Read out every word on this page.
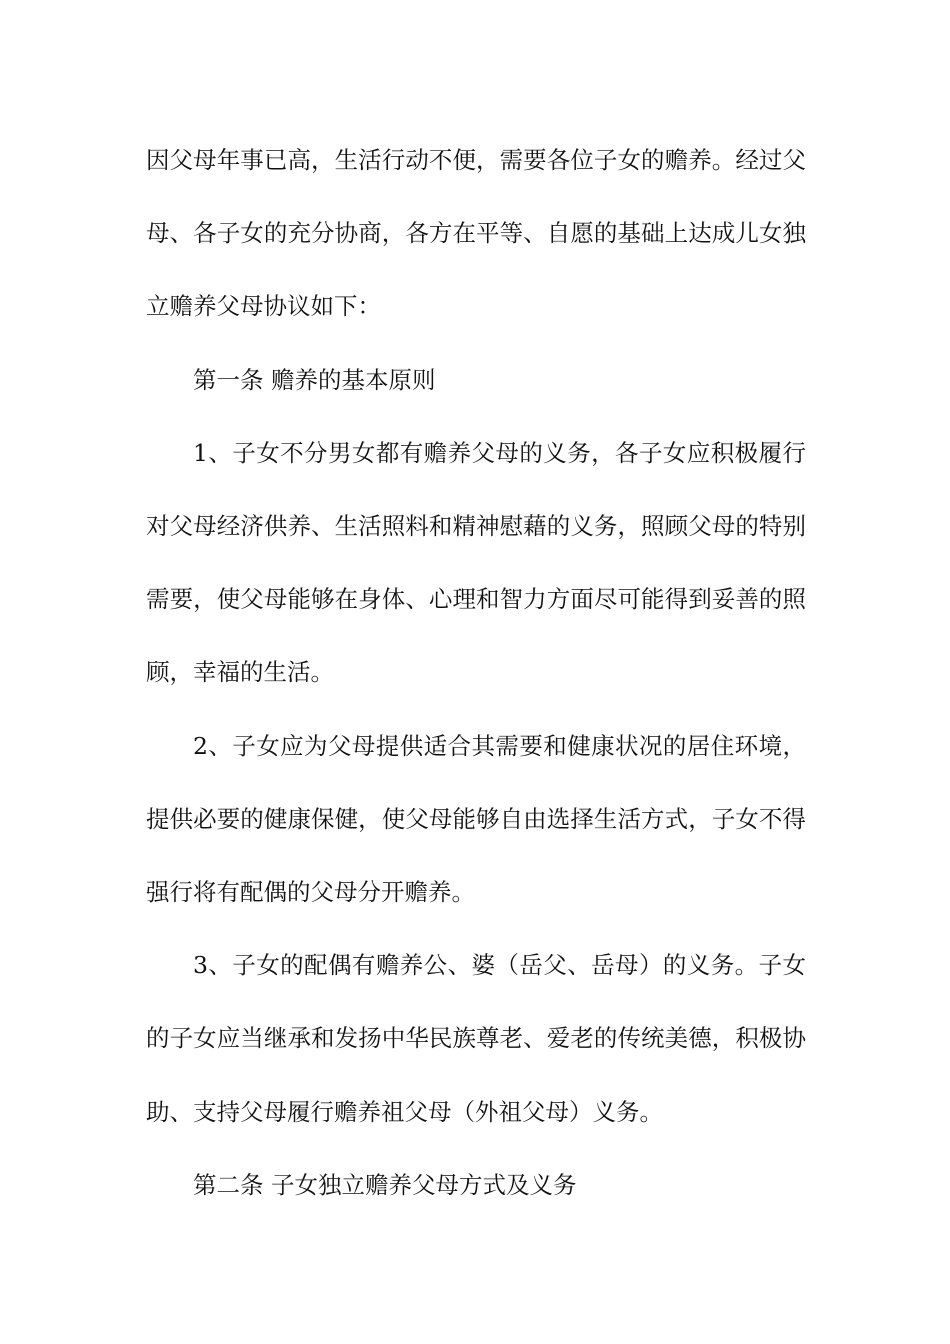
因父母年事已高，生活行动不便，需要各位子女的赡养。经过父母、各子女的充分协商，各方在平等、自愿的基础上达成儿女独立赡养父母协议如下：

第一条 赡养的基本原则

1、子女不分男女都有赡养父母的义务，各子女应积极履行对父母经济供养、生活照料和精神慰藉的义务，照顾父母的特别需要，使父母能够在身体、心理和智力方面尽可能得到妥善的照顾，幸福的生活。

2、子女应为父母提供适合其需要和健康状况的居住环境，提供必要的健康保健，使父母能够自由选择生活方式，子女不得强行将有配偶的父母分开赡养。

3、子女的配偶有赡养公、婆（岳父、岳母）的义务。子女的子女应当继承和发扬中华民族尊老、爱老的传统美德，积极协助、支持父母履行赡养祖父母（外祖父母）义务。

第二条 子女独立赡养父母方式及义务
